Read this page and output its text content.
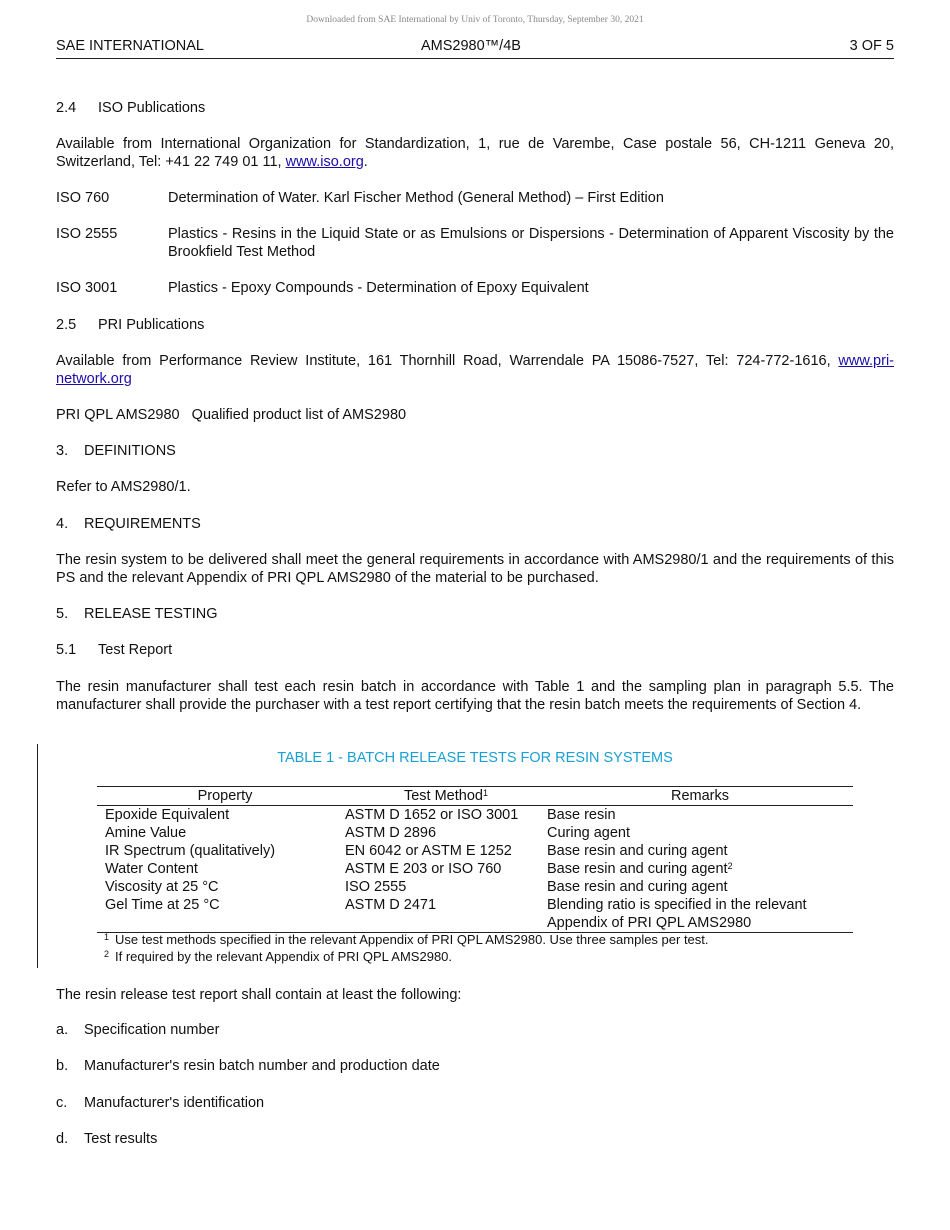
Downloaded from SAE International by Univ of Toronto, Thursday, September 30, 2021
SAE INTERNATIONAL	AMS2980™/4B	3 OF 5
2.4 ISO Publications
Available from International Organization for Standardization, 1, rue de Varembe, Case postale 56, CH-1211 Geneva 20, Switzerland, Tel: +41 22 749 01 11, www.iso.org.
ISO 760	Determination of Water. Karl Fischer Method (General Method) – First Edition
ISO 2555	Plastics - Resins in the Liquid State or as Emulsions or Dispersions - Determination of Apparent Viscosity by the Brookfield Test Method
ISO 3001	Plastics - Epoxy Compounds - Determination of Epoxy Equivalent
2.5 PRI Publications
Available from Performance Review Institute, 161 Thornhill Road, Warrendale PA 15086-7527, Tel: 724-772-1616, www.pri-network.org
PRI QPL AMS2980   Qualified product list of AMS2980
3. DEFINITIONS
Refer to AMS2980/1.
4. REQUIREMENTS
The resin system to be delivered shall meet the general requirements in accordance with AMS2980/1 and the requirements of this PS and the relevant Appendix of PRI QPL AMS2980 of the material to be purchased.
5. RELEASE TESTING
5.1 Test Report
The resin manufacturer shall test each resin batch in accordance with Table 1 and the sampling plan in paragraph 5.5. The manufacturer shall provide the purchaser with a test report certifying that the resin batch meets the requirements of Section 4.
TABLE 1 - BATCH RELEASE TESTS FOR RESIN SYSTEMS
Property	Test Method$^1$	Remarks
Epoxide Equivalent	ASTM D 1652 or ISO 3001	Base resin
Amine Value	ASTM D 2896	Curing agent
IR Spectrum (qualitatively)	EN 6042 or ASTM E 1252	Base resin and curing agent
Water Content	ASTM E 203 or ISO 760	Base resin and curing agent$^2$
Viscosity at 25 °C	ISO 2555	Base resin and curing agent
Gel Time at 25 °C	ASTM D 2471	Blending ratio is specified in the relevant
		Appendix of PRI QPL AMS2980
$^1$ Use test methods specified in the relevant Appendix of PRI QPL AMS2980. Use three samples per test.
$^2$ If required by the relevant Appendix of PRI QPL AMS2980.
The resin release test report shall contain at least the following:
a. Specification number
b. Manufacturer's resin batch number and production date
c. Manufacturer's identification
d. Test results
